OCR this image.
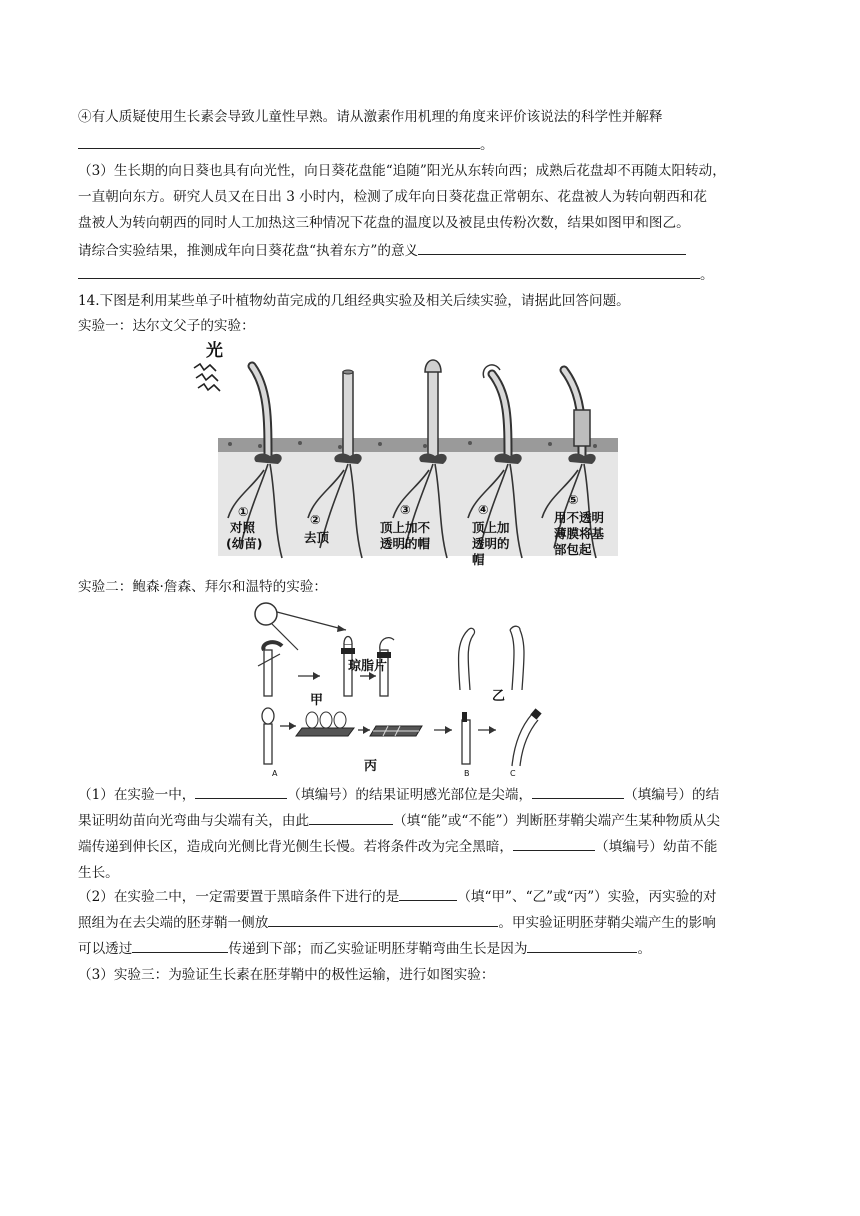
④有人质疑使用生长素会导致儿童性早熟。请从激素作用机理的角度来评价该说法的科学性并解释
。
（3）生长期的向日葵也具有向光性，向日葵花盘能“追随”阳光从东转向西；成熟后花盘却不再随太阳转动，
一直朝向东方。研究人员又在日出 3 小时内，检测了成年向日葵花盘正常朝东、花盘被人为转向朝西和花
盘被人为转向朝西的同时人工加热这三种情况下花盘的温度以及被昆虫传粉次数，结果如图甲和图乙。
请综合实验结果，推测成年向日葵花盘“执着东方”的意义
。
14.下图是利用某些单子叶植物幼苗完成的几组经典实验及相关后续实验，请据此回答问题。
实验一：达尔文父子的实验：
光
①
对照
(幼苗)
②
去顶
③
顶上加不
透明的帽
④
顶上加
透明的
帽
⑤
用不透明
薄膜将基
部包起
实验二：鲍森·詹森、拜尔和温特的实验：
琼脂片
甲	乙
A	B	C
丙
（1）在实验一中，	（填编号）的结果证明感光部位是尖端，	（填编号）的结
果证明幼苗向光弯曲与尖端有关，由此	（填“能”或“不能”）判断胚芽鞘尖端产生某种物质从尖
端传递到伸长区，造成向光侧比背光侧生长慢。若将条件改为完全黑暗，	（填编号）幼苗不能
生长。
（2）在实验二中，一定需要置于黑暗条件下进行的是	（填“甲”、“乙”或“丙”）实验，丙实验的对
照组为在去尖端的胚芽鞘一侧放	。甲实验证明胚芽鞘尖端产生的影响
可以透过	传递到下部；而乙实验证明胚芽鞘弯曲生长是因为	。
（3）实验三：为验证生长素在胚芽鞘中的极性运输，进行如图实验：
